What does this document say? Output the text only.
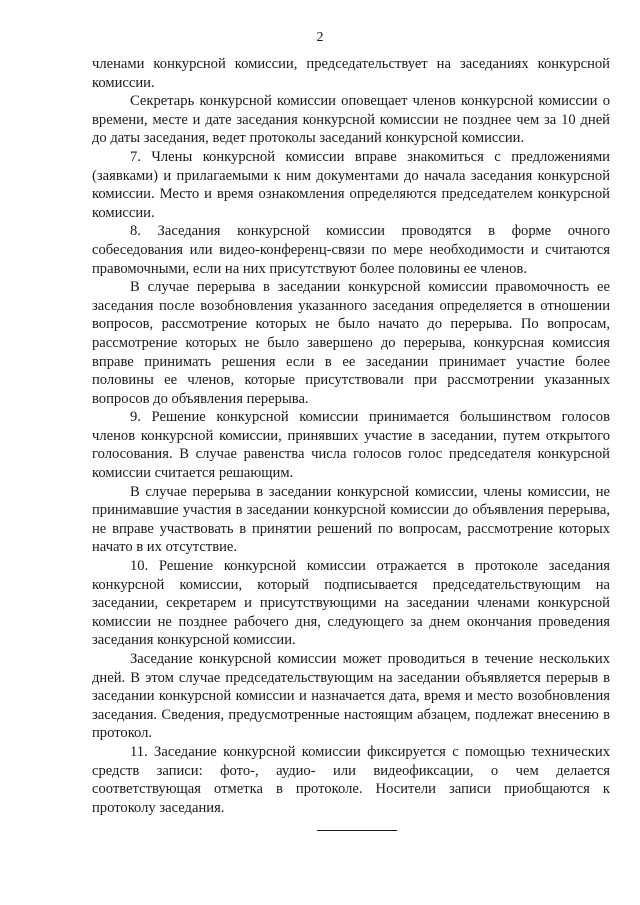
2

членами конкурсной комиссии, председательствует на заседаниях конкурсной комиссии.

Секретарь конкурсной комиссии оповещает членов конкурсной комиссии о времени, месте и дате заседания конкурсной комиссии не позднее чем за 10 дней до даты заседания, ведет протоколы заседаний конкурсной комиссии.

7. Члены конкурсной комиссии вправе знакомиться с предложениями (заявками) и прилагаемыми к ним документами до начала заседания конкурсной комиссии. Место и время ознакомления определяются председателем конкурсной комиссии.

8. Заседания конкурсной комиссии проводятся в форме очного собеседования или видео-конференц-связи по мере необходимости и считаются правомочными, если на них присутствуют более половины ее членов.

В случае перерыва в заседании конкурсной комиссии правомочность ее заседания после возобновления указанного заседания определяется в отношении вопросов, рассмотрение которых не было начато до перерыва. По вопросам, рассмотрение которых не было завершено до перерыва, конкурсная комиссия вправе принимать решения если в ее заседании принимает участие более половины ее членов, которые присутствовали при рассмотрении указанных вопросов до объявления перерыва.

9. Решение конкурсной комиссии принимается большинством голосов членов конкурсной комиссии, принявших участие в заседании, путем открытого голосования. В случае равенства числа голосов голос председателя конкурсной комиссии считается решающим.

В случае перерыва в заседании конкурсной комиссии, члены комиссии, не принимавшие участия в заседании конкурсной комиссии до объявления перерыва, не вправе участвовать в принятии решений по вопросам, рассмотрение которых начато в их отсутствие.

10. Решение конкурсной комиссии отражается в протоколе заседания конкурсной комиссии, который подписывается председательствующим на заседании, секретарем и присутствующими на заседании членами конкурсной комиссии не позднее рабочего дня, следующего за днем окончания проведения заседания конкурсной комиссии.

Заседание конкурсной комиссии может проводиться в течение нескольких дней. В этом случае председательствующим на заседании объявляется перерыв в заседании конкурсной комиссии и назначается дата, время и место возобновления заседания. Сведения, предусмотренные настоящим абзацем, подлежат внесению в протокол.

11. Заседание конкурсной комиссии фиксируется с помощью технических средств записи: фото-, аудио- или видеофиксации, о чем делается соответствующая отметка в протоколе. Носители записи приобщаются к протоколу заседания.
